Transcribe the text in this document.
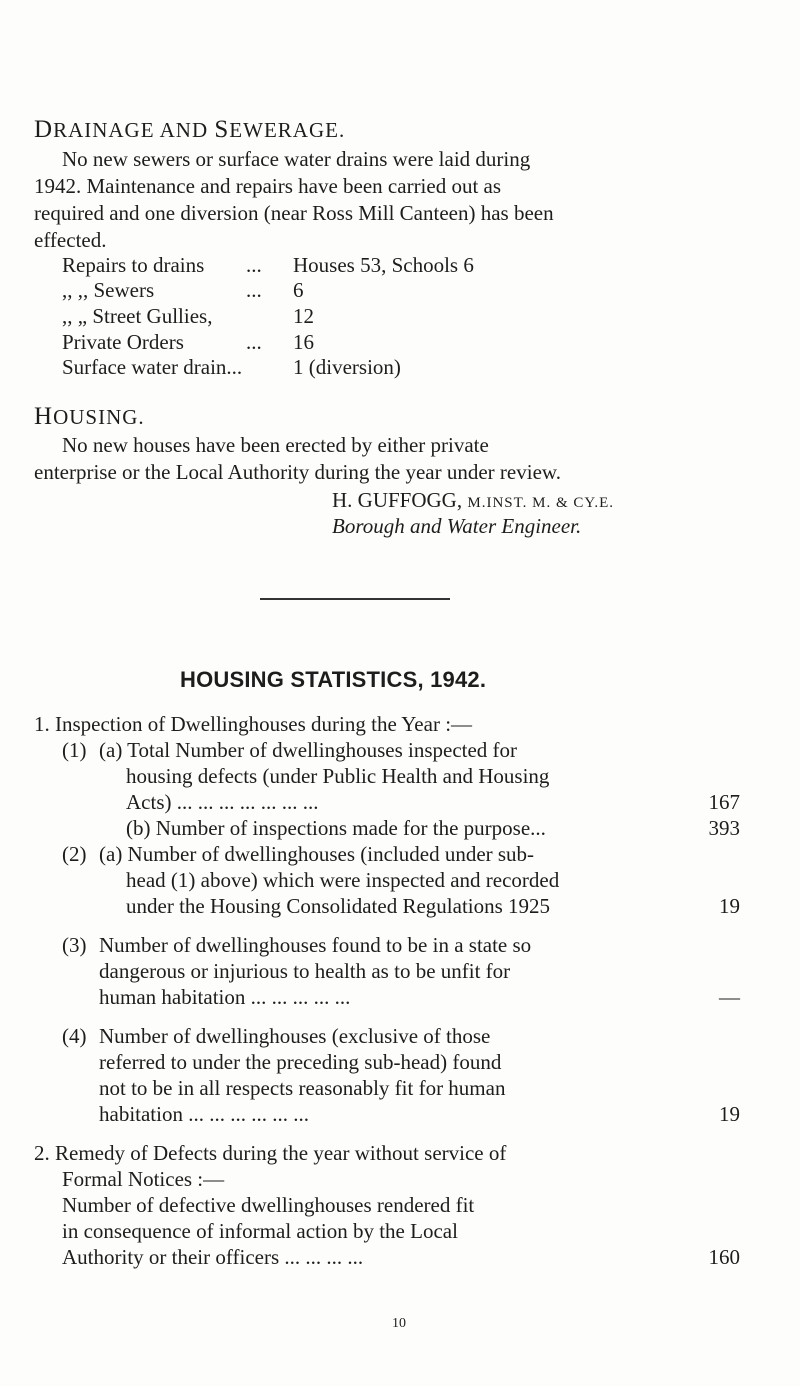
DRAINAGE AND SEWERAGE.
No new sewers or surface water drains were laid during
1942. Maintenance and repairs have been carried out as
required and one diversion (near Ross Mill Canteen) has been
effected.
Repairs to drains ... Houses 53, Schools 6
,, ,, Sewers	... 6
,, „ Street Gullies,	12
Private Orders	... 16
Surface water drain... 1 (diversion)
HOUSING.
No new houses have been erected by either private
enterprise or the Local Authority during the year under review.
H. GUFFOGG, M.INST. M. & CY.E.
Borough and Water Engineer.
HOUSING STATISTICS, 1942.
1. Inspection of Dwellinghouses during the Year :—
(1) (a) Total Number of dwellinghouses inspected for
housing defects (under Public Health and Housing
Acts) ... ... ... ... ... ... ...	167
(b) Number of inspections made for the purpose...	393
(2) (a) Number of dwellinghouses (included under sub-
head (1) above) which were inspected and recorded
under the Housing Consolidated Regulations 1925	19
(3) Number of dwellinghouses found to be in a state so
dangerous or injurious to health as to be unfit for
human habitation ... ... ... ... ...	—
(4) Number of dwellinghouses (exclusive of those
referred to under the preceding sub-head) found
not to be in all respects reasonably fit for human
habitation ... ... ... ... ... ...	19
2. Remedy of Defects during the year without service of
Formal Notices :—
Number of defective dwellinghouses rendered fit
in consequence of informal action by the Local
Authority or their officers ... ... ... ...	160
10
